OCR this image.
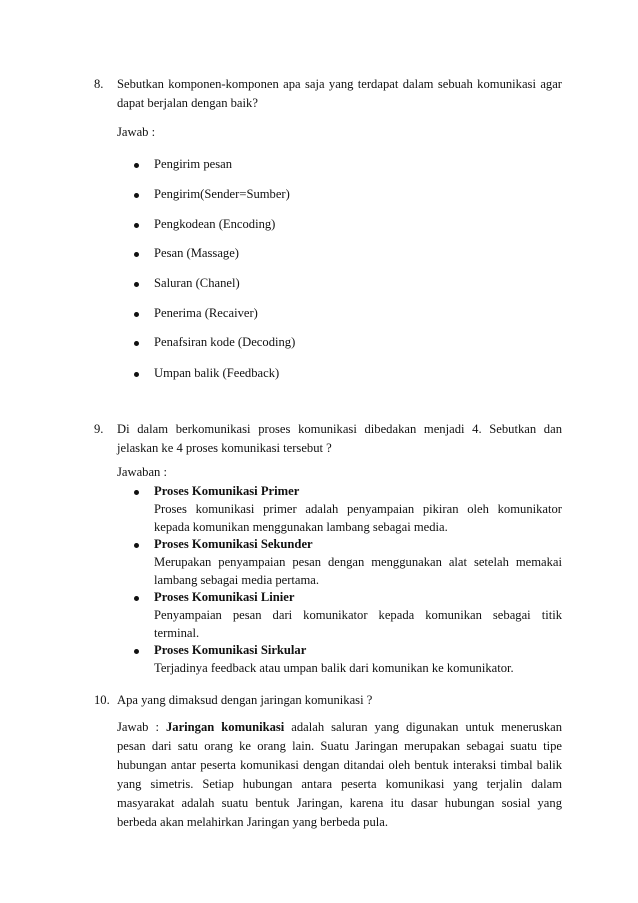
8. Sebutkan komponen-komponen apa saja yang terdapat dalam sebuah komunikasi agar
dapat berjalan dengan baik?
Jawab :
Pengirim pesan
Pengirim(Sender=Sumber)
Pengkodean (Encoding)
Pesan (Massage)
Saluran (Chanel)
Penerima (Recaiver)
Penafsiran kode (Decoding)
Umpan balik (Feedback)
9. Di dalam berkomunikasi proses komunikasi dibedakan menjadi 4. Sebutkan dan
jelaskan ke 4 proses komunikasi tersebut ?
Jawaban :
Proses Komunikasi Primer
Proses komunikasi primer adalah penyampaian pikiran oleh komunikator
kepada komunikan menggunakan lambang sebagai media.
Proses Komunikasi Sekunder
Merupakan penyampaian pesan dengan menggunakan alat setelah memakai
lambang sebagai media pertama.
Proses Komunikasi Linier
Penyampaian pesan dari komunikator kepada komunikan sebagai titik
terminal.
Proses Komunikasi Sirkular
Terjadinya feedback atau umpan balik dari komunikan ke komunikator.
10. Apa yang dimaksud dengan jaringan komunikasi ?
Jawab : Jaringan komunikasi adalah saluran yang digunakan untuk meneruskan
pesan dari satu orang ke orang lain. Suatu Jaringan merupakan sebagai suatu tipe
hubungan antar peserta komunikasi dengan ditandai oleh bentuk interaksi timbal balik
yang simetris. Setiap hubungan antara peserta komunikasi yang terjalin dalam
masyarakat adalah suatu bentuk Jaringan, karena itu dasar hubungan sosial yang
berbeda akan melahirkan Jaringan yang berbeda pula.
